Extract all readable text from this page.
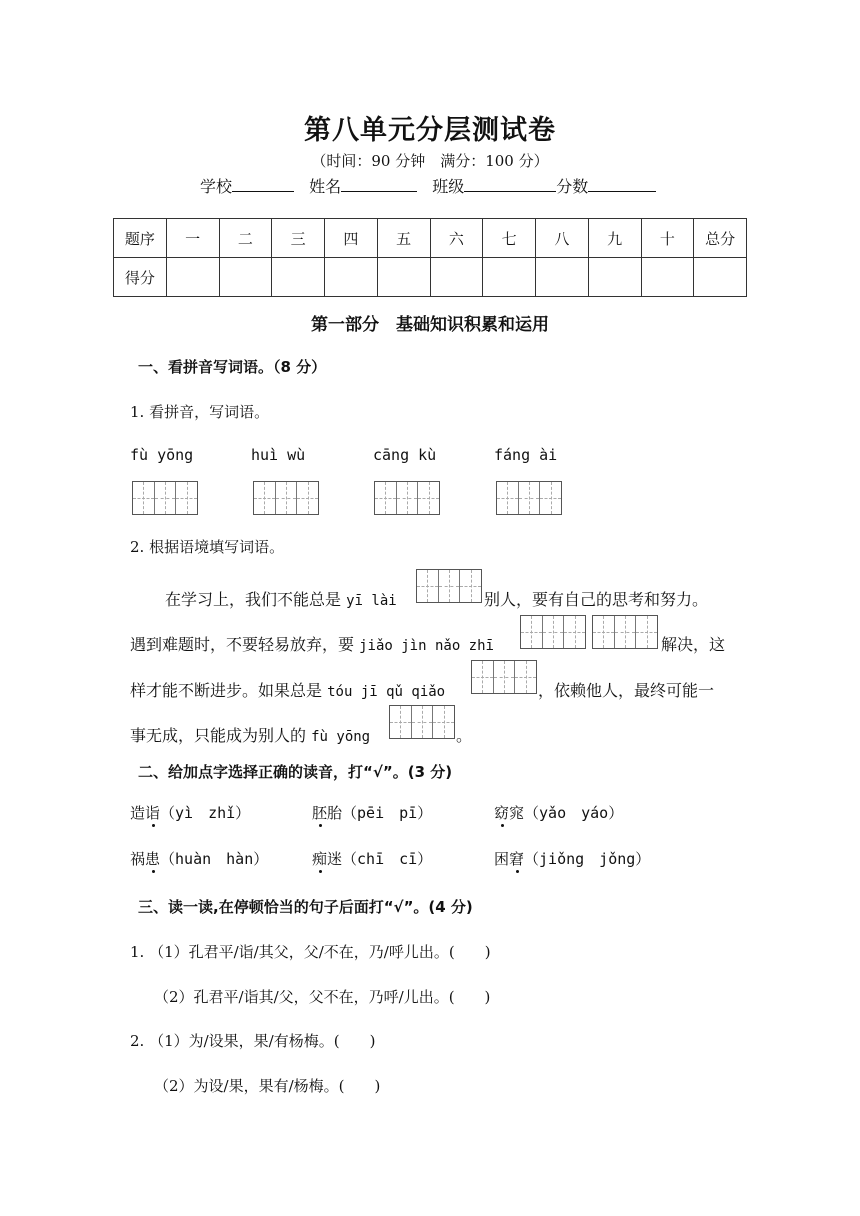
第八单元分层测试卷
（时间：90 分钟　满分：100 分）
学校	姓名	班级	分数
题序	一	二	三	四	五	六	七	八	九	十	总分
得分											
第一部分　基础知识积累和运用
一、看拼音写词语。（8 分）
1. 看拼音，写词语。
fù yōng	huì wù	cāng kù	fáng ài
2. 根据语境填写词语。
在学习上，我们不能总是 yī lài	别人，要有自己的思考和努力。
遇到难题时，不要轻易放弃，要 jiǎo jìn nǎo zhī	解决，这
样才能不断进步。如果总是 tóu jī qǔ qiǎo	，依赖他人，最终可能一
事无成，只能成为别人的 fù yōng	。
二、给加点字选择正确的读音，打“√”。(3 分)
造诣（yì　zhǐ）	胚胎（pēi　pī）	窈窕（yǎo　yáo）
祸患（huàn　hàn）	痴迷（chī　cī）	困窘（jiǒng　jǒng）
三、读一读,在停顿恰当的句子后面打“√”。(4 分)
1. （1）孔君平/诣/其父，父/不在，乃/呼儿出。(　　)
（2）孔君平/诣其/父，父不在，乃呼/儿出。(　　)
2. （1）为/设果，果/有杨梅。(　　)
（2）为设/果，果有/杨梅。(　　)
